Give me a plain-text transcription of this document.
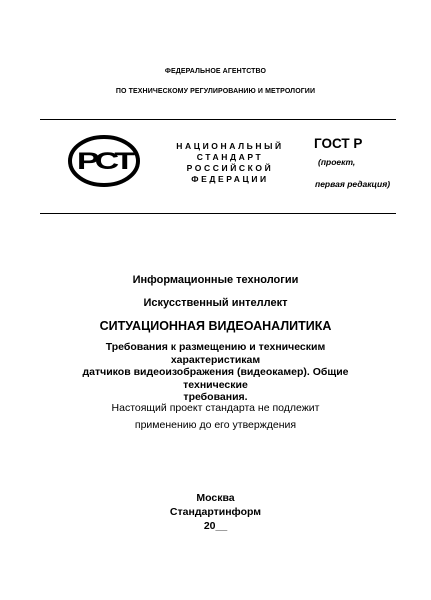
ФЕДЕРАЛЬНОЕ АГЕНТСТВО
ПО ТЕХНИЧЕСКОМУ РЕГУЛИРОВАНИЮ И МЕТРОЛОГИИ
РСТ
НАЦИОНАЛЬНЫЙ
СТАНДАРТ
РОССИЙСКОЙ
ФЕДЕРАЦИИ
ГОСТ Р
(проект,
первая редакция)
Информационные технологии
Искусственный интеллект
СИТУАЦИОННАЯ ВИДЕОАНАЛИТИКА
Требования к размещению и техническим характеристикам
датчиков видеоизображения (видеокамер). Общие технические
требования.
Настоящий проект стандарта не подлежит
применению до его утверждения
Москва
Стандартинформ
20__
